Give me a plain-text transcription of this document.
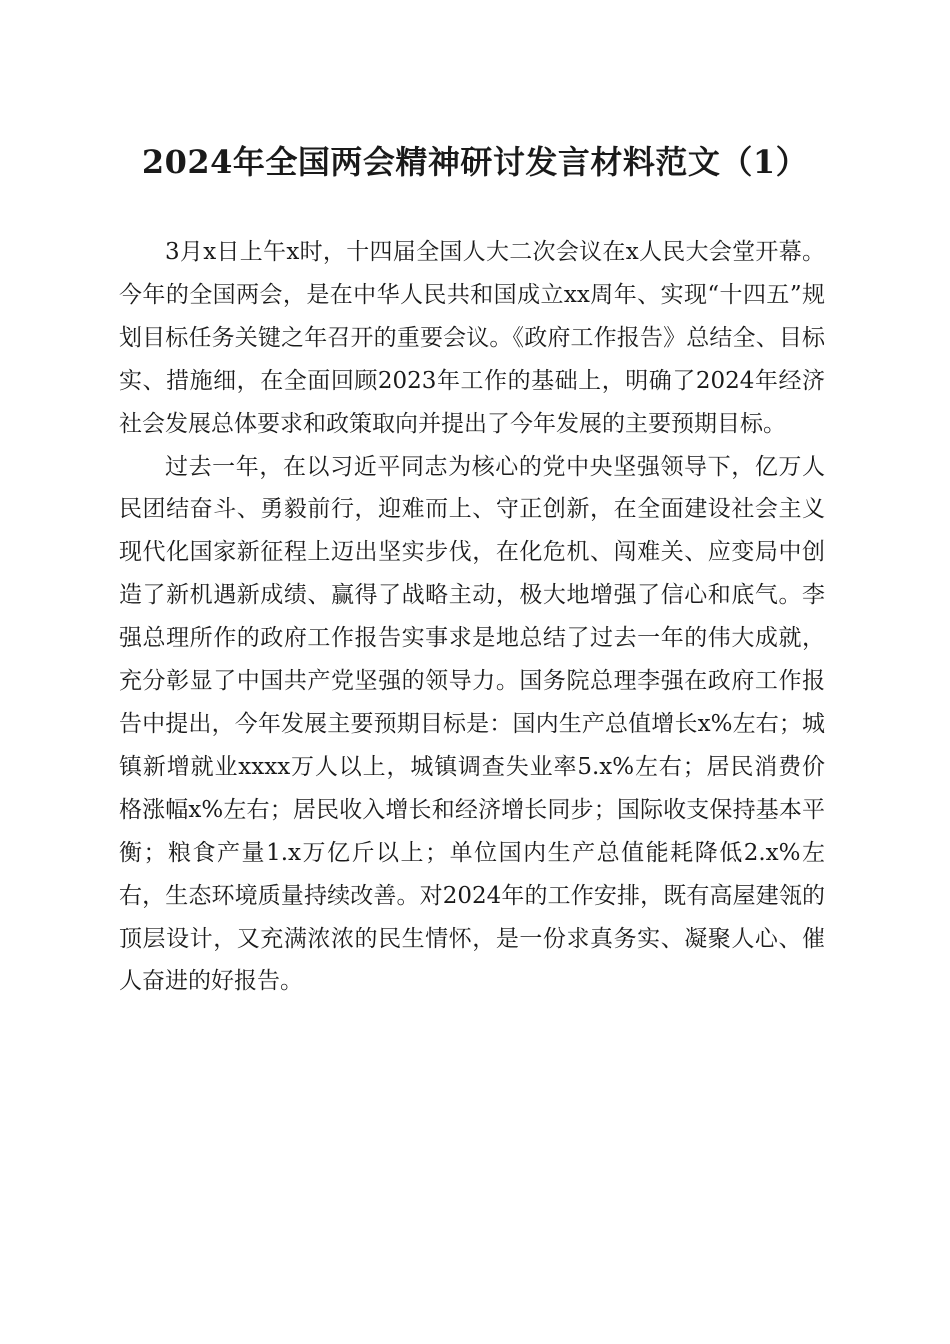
2024年全国两会精神研讨发言材料范文（1）

3月x日上午x时，十四届全国人大二次会议在x人民大会堂开幕。今年的全国两会，是在中华人民共和国成立xx周年、实现“十四五”规划目标任务关键之年召开的重要会议。《政府工作报告》总结全、目标实、措施细，在全面回顾2023年工作的基础上，明确了2024年经济社会发展总体要求和政策取向并提出了今年发展的主要预期目标。

过去一年，在以习近平同志为核心的党中央坚强领导下，亿万人民团结奋斗、勇毅前行，迎难而上、守正创新，在全面建设社会主义现代化国家新征程上迈出坚实步伐，在化危机、闯难关、应变局中创造了新机遇新成绩、赢得了战略主动，极大地增强了信心和底气。李强总理所作的政府工作报告实事求是地总结了过去一年的伟大成就，充分彰显了中国共产党坚强的领导力。国务院总理李强在政府工作报告中提出，今年发展主要预期目标是：国内生产总值增长x%左右；城镇新增就业xxxx万人以上，城镇调查失业率5.x%左右；居民消费价格涨幅x%左右；居民收入增长和经济增长同步；国际收支保持基本平衡；粮食产量1.x万亿斤以上；单位国内生产总值能耗降低2.x%左右，生态环境质量持续改善。对2024年的工作安排，既有高屋建瓴的顶层设计，又充满浓浓的民生情怀，是一份求真务实、凝聚人心、催人奋进的好报告。
